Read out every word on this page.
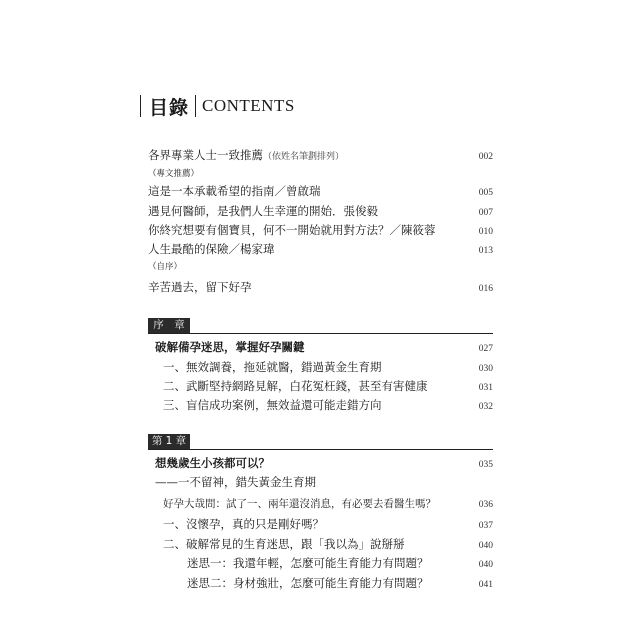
目錄 CONTENTS
各界專業人士一致推薦（依姓名筆劃排列）	002
（專文推薦）
這是一本承載希望的指南／曾啟瑞	005
遇見何醫師，是我們人生幸運的開始．張俊毅	007
你終究想要有個寶貝，何不一開始就用對方法？／陳筱蓉	010
人生最酷的保險／楊家瑋	013
（自序）
辛苦過去，留下好孕	016
序　章
破解備孕迷思，掌握好孕關鍵	027
一、無效調養，拖延就醫，錯過黃金生育期	030
二、武斷堅持網路見解，白花冤枉錢，甚至有害健康	031
三、盲信成功案例，無效益還可能走錯方向	032
第 1 章
想幾歲生小孩都可以？	035
——一不留神，錯失黃金生育期
好孕大哉問：試了一、兩年還沒消息，有必要去看醫生嗎？	036
一、沒懷孕，真的只是剛好嗎？	037
二、破解常見的生育迷思，跟「我以為」說掰掰	040
迷思一：我還年輕，怎麼可能生育能力有問題？	040
迷思二：身材強壯，怎麼可能生育能力有問題？	041
